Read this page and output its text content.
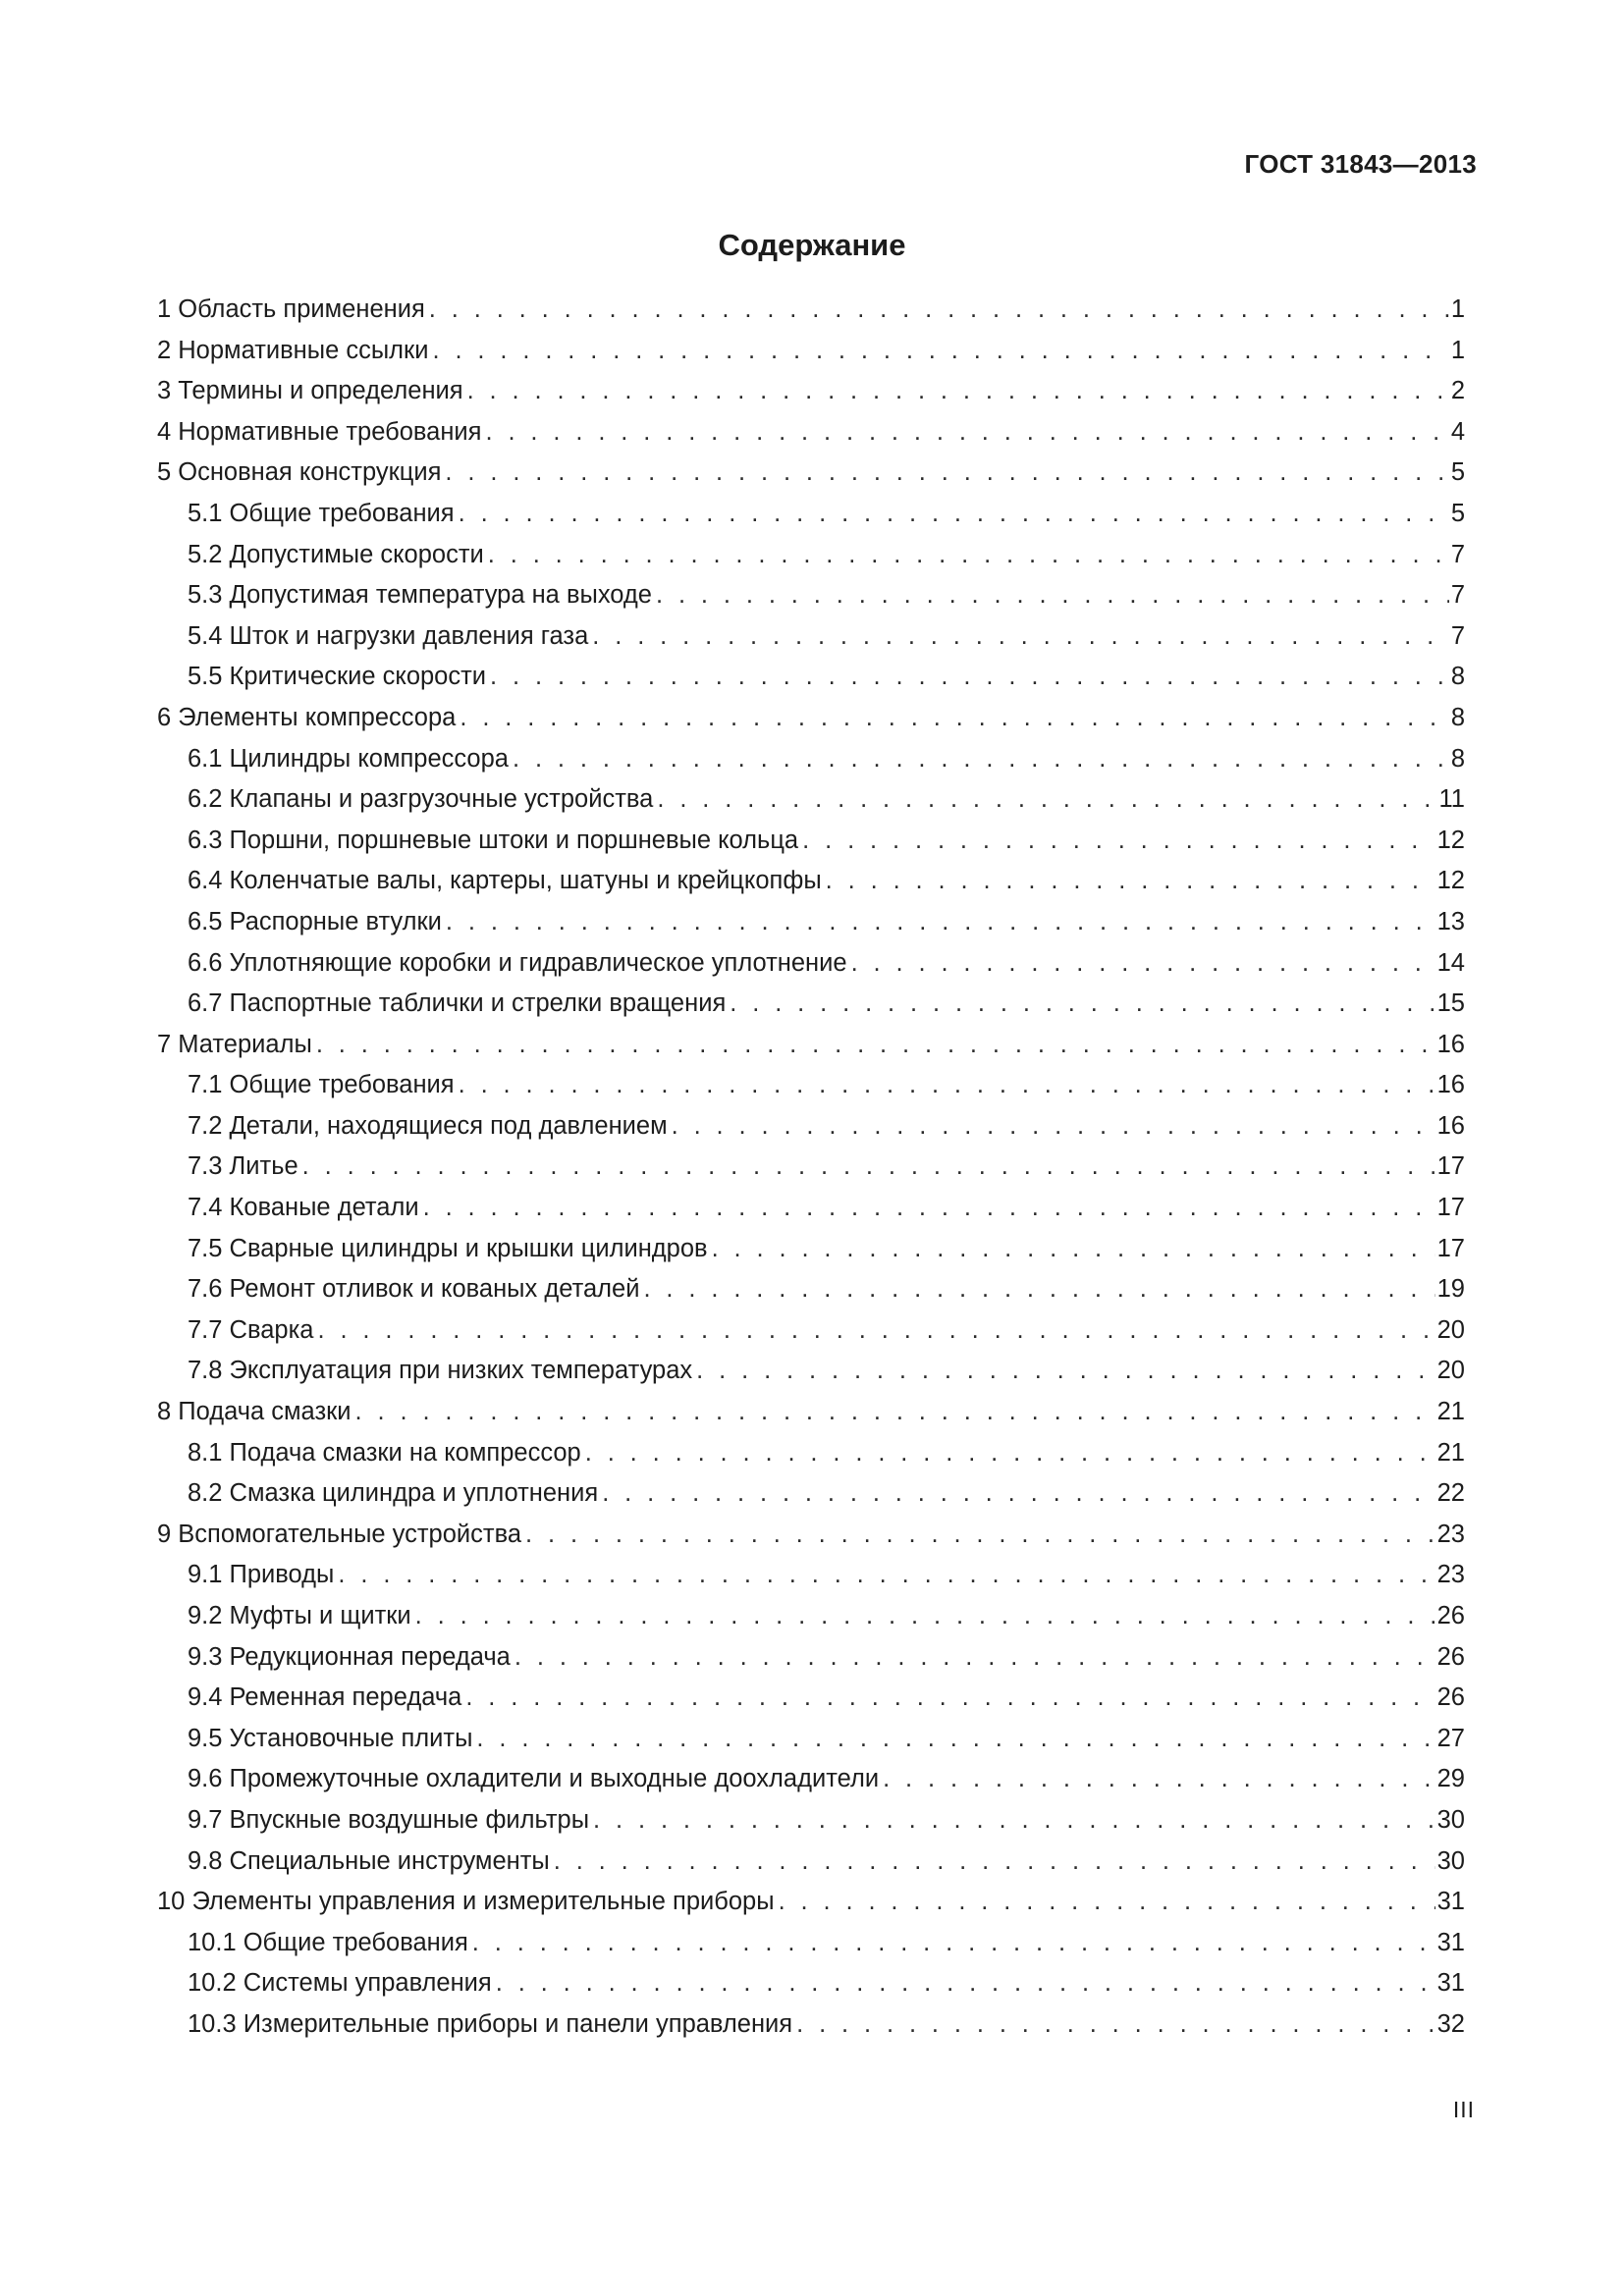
ГОСТ 31843—2013
Содержание
1 Область применения . . .	1
2 Нормативные ссылки . . .	1
3 Термины и определения . . .	2
4 Нормативные требования . . .	4
5 Основная конструкция . . .	5
5.1 Общие требования . . .	5
5.2 Допустимые скорости . . .	7
5.3 Допустимая температура на выходе . . .	7
5.4 Шток и нагрузки давления газа . . .	7
5.5 Критические скорости . . .	8
6 Элементы компрессора . . .	8
6.1 Цилиндры компрессора . . .	8
6.2 Клапаны и разгрузочные устройства . . .	11
6.3 Поршни, поршневые штоки и поршневые кольца . . .	12
6.4 Коленчатые валы, картеры, шатуны и крейцкопфы . . .	12
6.5 Распорные втулки . . .	13
6.6 Уплотняющие коробки и гидравлическое уплотнение . . .	14
6.7 Паспортные таблички и стрелки вращения . . .	15
7 Материалы . . .	16
7.1 Общие требования . . .	16
7.2 Детали, находящиеся под давлением . . .	16
7.3 Литье . . .	17
7.4 Кованые детали . . .	17
7.5 Сварные цилиндры и крышки цилиндров . . .	17
7.6 Ремонт отливок и кованых деталей . . .	19
7.7 Сварка . . .	20
7.8 Эксплуатация при низких температурах . . .	20
8 Подача смазки . . .	21
8.1 Подача смазки на компрессор . . .	21
8.2 Смазка цилиндра и уплотнения . . .	22
9 Вспомогательные устройства . . .	23
9.1 Приводы . . .	23
9.2 Муфты и щитки . . .	26
9.3 Редукционная передача . . .	26
9.4 Ременная передача . . .	26
9.5 Установочные плиты . . .	27
9.6 Промежуточные охладители и выходные доохладители . . .	29
9.7 Впускные воздушные фильтры . . .	30
9.8 Специальные инструменты . . .	30
10 Элементы управления и измерительные приборы . . .	31
10.1 Общие требования . . .	31
10.2 Системы управления . . .	31
10.3 Измерительные приборы и панели управления . . .	32
III
